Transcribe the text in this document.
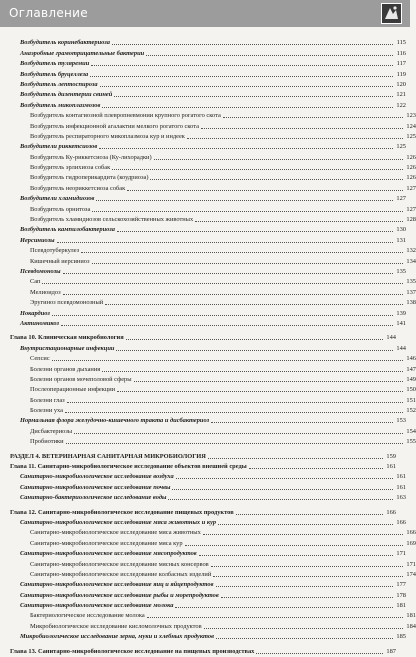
Оглавление
Возбудитель коринебактериоза	115
Анаэробные грамотрицательные бактерии	116
Возбудитель туляремии	117
Возбудитель бруцеллеза	119
Возбудитель лептоспироза	120
Возбудитель дизентерии свиней	121
Возбудитель микоплазмозов	122
Возбудитель контагиозной плевропневмонии крупного рогатого скота	123
Возбудитель инфекционной агалактии мелкого рогатого скота	124
Возбудитель респираторного микоплазмоза кур и индеек	125
Возбудители риккетсиозов	125
Возбудитель Ку-риккетсиоза (Ку-лихорадки)	126
Возбудитель эрлихиоза собак	126
Возбудитель гидроперикардита (коудриоза)	126
Возбудитель неориккетсиоза собак	127
Возбудители хламидиозов	127
Возбудитель орнитоза	127
Возбудитель хламидиозов сельскохозяйственных животных	128
Возбудитель кампилобактериоза	130
Иерсиниозы	131
Псевдотуберкулез	132
Кишечный иерсиниоз	134
Псевдомонозы	135
Сап	135
Мелиоидоз	137
Эругиноз псевдомонозный	138
Нокардиоз	139
Актиномикоз	141
Глава 10. Клиническая микробиология	144
Внутристационарные инфекции	144
Сепсис	146
Болезни органов дыхания	147
Болезни органов мочеполовой сферы	149
Послеоперационные инфекции	150
Болезни глаз	151
Болезни уха	152
Нормальная флора желудочно-кишечного тракта и дисбактериоз	153
Дисбактериозы	154
Пробиотики	155
РАЗДЕЛ 4. ВЕТЕРИНАРНАЯ САНИТАРНАЯ МИКРОБИОЛОГИЯ	159
Глава 11. Санитарно-микробиологическое исследование объектов внешней среды	161
Санитарно-микробиологическое исследование воздуха	161
Санитарно-микробиологическое исследование почвы	161
Санитарно-бактериологическое исследование воды	163
Глава 12. Санитарно-микробиологическое исследование пищевых продуктов	166
Санитарно-микробиологическое исследование мяса животных и кур	166
Санитарно-микробиологическое исследование мяса животных	166
Санитарно-микробиологическое исследование мяса кур	169
Санитарно-микробиологическое исследование мясопродуктов	171
Санитарно-микробиологическое исследование мясных консервов	171
Санитарно-микробиологическое исследование колбасных изделий	174
Санитарно-микробиологическое исследование яиц и яйцепродуктов	177
Санитарно-микробиологическое исследование рыбы и морепродуктов	178
Санитарно-микробиологическое исследование молока	181
Бактериологическое исследование молока	181
Микробиологическое исследование кисломолочных продуктов	184
Микробиологическое исследование зерна, муки и хлебных продуктов	185
Глава 13. Санитарно-микробиологическое исследование на пищевых производствах	187
